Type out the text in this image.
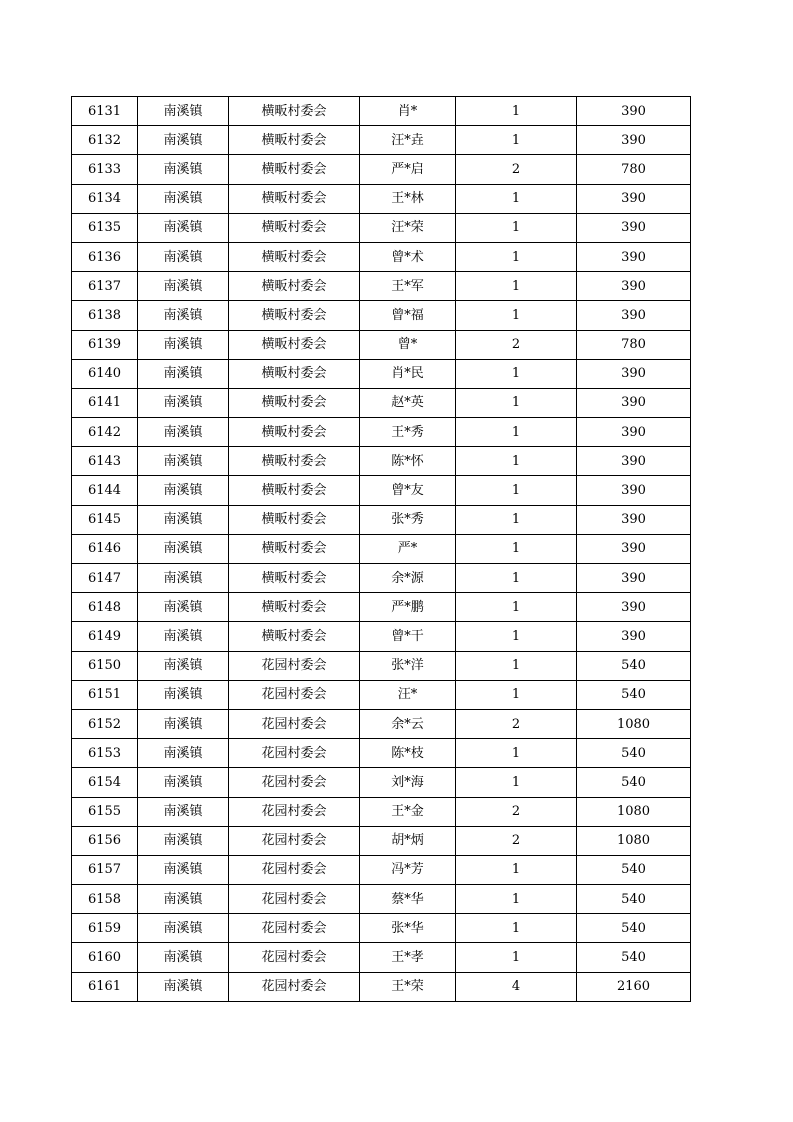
6131	南溪镇	横畈村委会	肖*	1	390
6132	南溪镇	横畈村委会	汪*垚	1	390
6133	南溪镇	横畈村委会	严*启	2	780
6134	南溪镇	横畈村委会	王*林	1	390
6135	南溪镇	横畈村委会	汪*荣	1	390
6136	南溪镇	横畈村委会	曾*术	1	390
6137	南溪镇	横畈村委会	王*军	1	390
6138	南溪镇	横畈村委会	曾*福	1	390
6139	南溪镇	横畈村委会	曾*	2	780
6140	南溪镇	横畈村委会	肖*民	1	390
6141	南溪镇	横畈村委会	赵*英	1	390
6142	南溪镇	横畈村委会	王*秀	1	390
6143	南溪镇	横畈村委会	陈*怀	1	390
6144	南溪镇	横畈村委会	曾*友	1	390
6145	南溪镇	横畈村委会	张*秀	1	390
6146	南溪镇	横畈村委会	严*	1	390
6147	南溪镇	横畈村委会	余*源	1	390
6148	南溪镇	横畈村委会	严*鹏	1	390
6149	南溪镇	横畈村委会	曾*干	1	390
6150	南溪镇	花园村委会	张*洋	1	540
6151	南溪镇	花园村委会	汪*	1	540
6152	南溪镇	花园村委会	余*云	2	1080
6153	南溪镇	花园村委会	陈*枝	1	540
6154	南溪镇	花园村委会	刘*海	1	540
6155	南溪镇	花园村委会	王*金	2	1080
6156	南溪镇	花园村委会	胡*炳	2	1080
6157	南溪镇	花园村委会	冯*芳	1	540
6158	南溪镇	花园村委会	蔡*华	1	540
6159	南溪镇	花园村委会	张*华	1	540
6160	南溪镇	花园村委会	王*孝	1	540
6161	南溪镇	花园村委会	王*荣	4	2160
